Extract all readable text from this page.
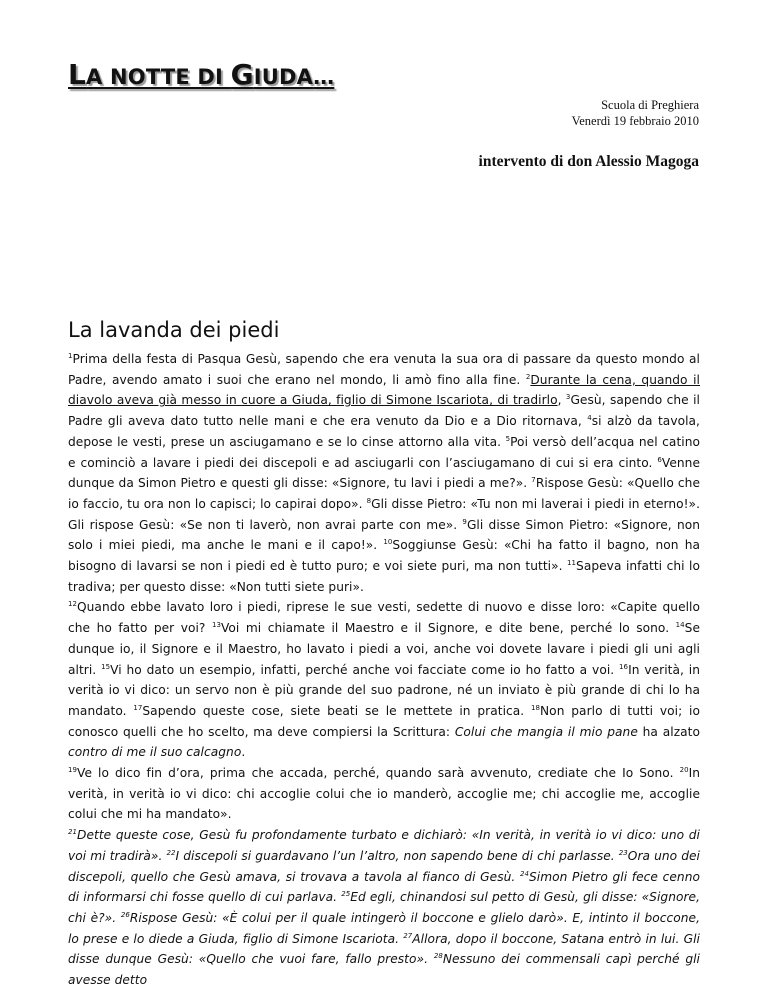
LA NOTTE DI GIUDA…
Scuola di Preghiera
Venerdì 19 febbraio 2010
intervento di don Alessio Magoga
La lavanda dei piedi

$^1$Prima della festa di Pasqua Gesù, sapendo che era venuta la sua ora di passare da questo mondo al Padre, avendo amato i suoi che erano nel mondo, li amò fino alla fine. $^2$Durante la cena, quando il diavolo aveva già messo in cuore a Giuda, figlio di Simone Iscariota, di tradirlo, $^3$Gesù, sapendo che il Padre gli aveva dato tutto nelle mani e che era venuto da Dio e a Dio ritornava, $^4$si alzò da tavola, depose le vesti, prese un asciugamano e se lo cinse attorno alla vita. $^5$Poi versò dell’acqua nel catino e cominciò a lavare i piedi dei discepoli e ad asciugarli con l’asciugamano di cui si era cinto. $^6$Venne dunque da Simon Pietro e questi gli disse: «Signore, tu lavi i piedi a me?». $^7$Rispose Gesù: «Quello che io faccio, tu ora non lo capisci; lo capirai dopo». $^8$Gli disse Pietro: «Tu non mi laverai i piedi in eterno!». Gli rispose Gesù: «Se non ti laverò, non avrai parte con me». $^9$Gli disse Simon Pietro: «Signore, non solo i miei piedi, ma anche le mani e il capo!». $^{10}$Soggiunse Gesù: «Chi ha fatto il bagno, non ha bisogno di lavarsi se non i piedi ed è tutto puro; e voi siete puri, ma non tutti». $^{11}$Sapeva infatti chi lo tradiva; per questo disse: «Non tutti siete puri».

$^{12}$Quando ebbe lavato loro i piedi, riprese le sue vesti, sedette di nuovo e disse loro: «Capite quello che ho fatto per voi? $^{13}$Voi mi chiamate il Maestro e il Signore, e dite bene, perché lo sono. $^{14}$Se dunque io, il Signore e il Maestro, ho lavato i piedi a voi, anche voi dovete lavare i piedi gli uni agli altri. $^{15}$Vi ho dato un esempio, infatti, perché anche voi facciate come io ho fatto a voi. $^{16}$In verità, in verità io vi dico: un servo non è più grande del suo padrone, né un inviato è più grande di chi lo ha mandato. $^{17}$Sapendo queste cose, siete beati se le mettete in pratica. $^{18}$Non parlo di tutti voi; io conosco quelli che ho scelto, ma deve compiersi la Scrittura: Colui che mangia il mio pane ha alzato contro di me il suo calcagno.

$^{19}$Ve lo dico fin d’ora, prima che accada, perché, quando sarà avvenuto, crediate che Io Sono. $^{20}$In verità, in verità io vi dico: chi accoglie colui che io manderò, accoglie me; chi accoglie me, accoglie colui che mi ha mandato».

$^{21}$Dette queste cose, Gesù fu profondamente turbato e dichiarò: «In verità, in verità io vi dico: uno di voi mi tradirà». $^{22}$I discepoli si guardavano l’un l’altro, non sapendo bene di chi parlasse. $^{23}$Ora uno dei discepoli, quello che Gesù amava, si trovava a tavola al fianco di Gesù. $^{24}$Simon Pietro gli fece cenno di informarsi chi fosse quello di cui parlava. $^{25}$Ed egli, chinandosi sul petto di Gesù, gli disse: «Signore, chi è?». $^{26}$Rispose Gesù: «È colui per il quale intingerò il boccone e glielo darò». E, intinto il boccone, lo prese e lo diede a Giuda, figlio di Simone Iscariota. $^{27}$Allora, dopo il boccone, Satana entrò in lui. Gli disse dunque Gesù: «Quello che vuoi fare, fallo presto». $^{28}$Nessuno dei commensali capì perché gli avesse detto
